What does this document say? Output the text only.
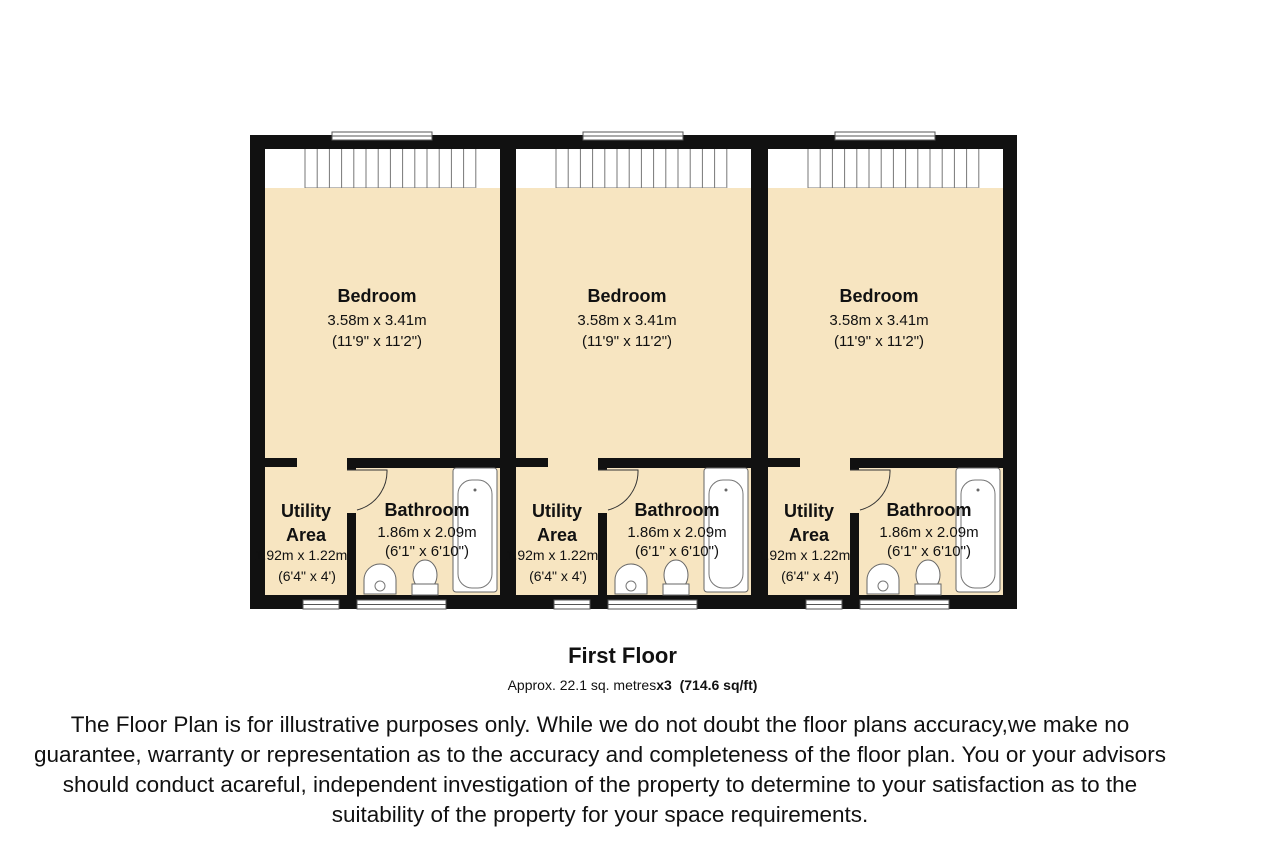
Bedroom
3.58m x 3.41m
(11'9" x 11'2")
Utility
Area
1.92m x 1.22m
(6'4" x 4')
Bathroom
1.86m x 2.09m
(6'1" x 6'10")
Bedroom
3.58m x 3.41m
(11'9" x 11'2")
Utility
Area
1.92m x 1.22m
(6'4" x 4')
Bathroom
1.86m x 2.09m
(6'1" x 6'10")
Bedroom
3.58m x 3.41m
(11'9" x 11'2")
Utility
Area
1.92m x 1.22m
(6'4" x 4')
Bathroom
1.86m x 2.09m
(6'1" x 6'10")
First Floor
Approx. 22.1 sq. metresx3 (714.6 sq/ft)
The Floor Plan is for illustrative purposes only. While we do not doubt the floor plans accuracy,we make no guarantee, warranty or representation as to the accuracy and completeness of the floor plan. You or your advisors should conduct acareful, independent investigation of the property to determine to your satisfaction as to the suitability of the property for your space requirements.
